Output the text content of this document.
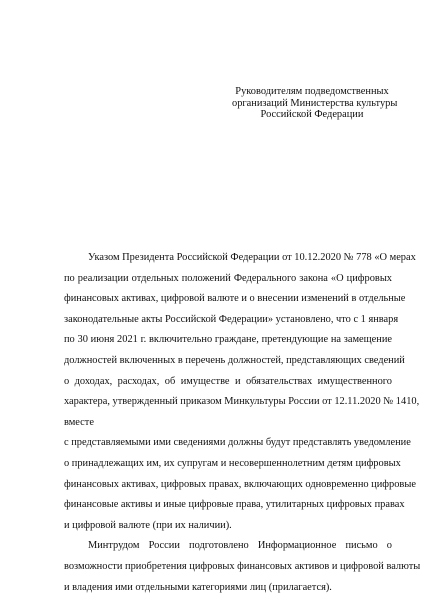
Руководителям подведомственных
организаций Министерства культуры
Российской Федерации
Указом Президента Российской Федерации от 10.12.2020 № 778 «О мерах
по реализации отдельных положений Федерального закона «О цифровых
финансовых активах, цифровой валюте и о внесении изменений в отдельные
законодательные акты Российской Федерации» установлено, что с 1 января
по 30 июня 2021 г. включительно граждане, претендующие на замещение
должностей включенных в перечень должностей, представляющих сведений
о доходах, расходах, об имуществе и обязательствах имущественного
характера, утвержденный приказом Минкультуры России от 12.11.2020 № 1410,
вместе
с представляемыми ими сведениями должны будут представлять уведомление
о принадлежащих им, их супругам и несовершеннолетним детям цифровых
финансовых активах, цифровых правах, включающих одновременно цифровые
финансовые активы и иные цифровые права, утилитарных цифровых правах
и цифровой валюте (при их наличии).
Минтрудом России подготовлено Информационное письмо о
возможности приобретения цифровых финансовых активов и цифровой валюты
и владения ими отдельными категориями лиц (прилагается).
